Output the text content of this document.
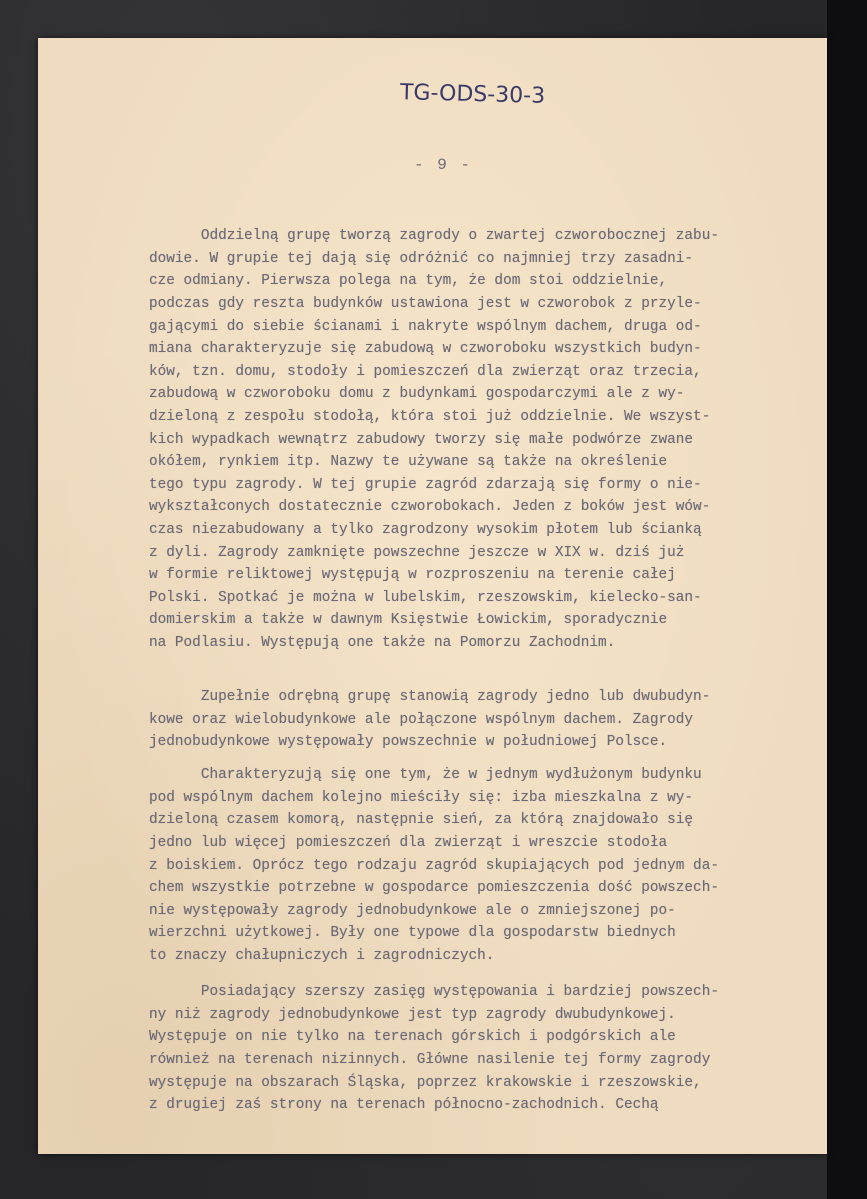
TG-ODS-30-3
- 9 -

Oddzielną grupę tworzą zagrody o zwartej czworobocznej zabu-
dowie. W grupie tej dają się odróżnić co najmniej trzy zasadni-
cze odmiany. Pierwsza polega na tym, że dom stoi oddzielnie,
podczas gdy reszta budynków ustawiona jest w czworobok z przyle-
gającymi do siebie ścianami i nakryte wspólnym dachem, druga od-
miana charakteryzuje się zabudową w czworoboku wszystkich budyn-
ków, tzn. domu, stodoły i pomieszczeń dla zwierząt oraz trzecia,
zabudową w czworoboku domu z budynkami gospodarczymi ale z wy-
dzieloną z zespołu stodołą, która stoi już oddzielnie. We wszyst-
kich wypadkach wewnątrz zabudowy tworzy się małe podwórze zwane
okółem, rynkiem itp. Nazwy te używane są także na określenie
tego typu zagrody. W tej grupie zagród zdarzają się formy o nie-
wykształconych dostatecznie czworobokach. Jeden z boków jest wów-
czas niezabudowany a tylko zagrodzony wysokim płotem lub ścianką
z dyli. Zagrody zamknięte powszechne jeszcze w XIX w. dziś już
w formie reliktowej występują w rozproszeniu na terenie całej
Polski. Spotkać je można w lubelskim, rzeszowskim, kielecko-san-
domierskim a także w dawnym Księstwie Łowickim, sporadycznie
na Podlasiu. Występują one także na Pomorzu Zachodnim.

Zupełnie odrębną grupę stanowią zagrody jedno lub dwubudyn-
kowe oraz wielobudynkowe ale połączone wspólnym dachem. Zagrody
jednobudynkowe występowały powszechnie w południowej Polsce.

Charakteryzują się one tym, że w jednym wydłużonym budynku
pod wspólnym dachem kolejno mieściły się: izba mieszkalna z wy-
dzieloną czasem komorą, następnie sień, za którą znajdowało się
jedno lub więcej pomieszczeń dla zwierząt i wreszcie stodoła
z boiskiem. Oprócz tego rodzaju zagród skupiających pod jednym da-
chem wszystkie potrzebne w gospodarce pomieszczenia dość powszech-
nie występowały zagrody jednobudynkowe ale o zmniejszonej po-
wierzchni użytkowej. Były one typowe dla gospodarstw biednych
to znaczy chałupniczych i zagrodniczych.

Posiadający szerszy zasięg występowania i bardziej powszech-
ny niż zagrody jednobudynkowe jest typ zagrody dwubudynkowej.
Występuje on nie tylko na terenach górskich i podgórskich ale
również na terenach nizinnych. Główne nasilenie tej formy zagrody
występuje na obszarach Śląska, poprzez krakowskie i rzeszowskie,
z drugiej zaś strony na terenach północno-zachodnich. Cechą
